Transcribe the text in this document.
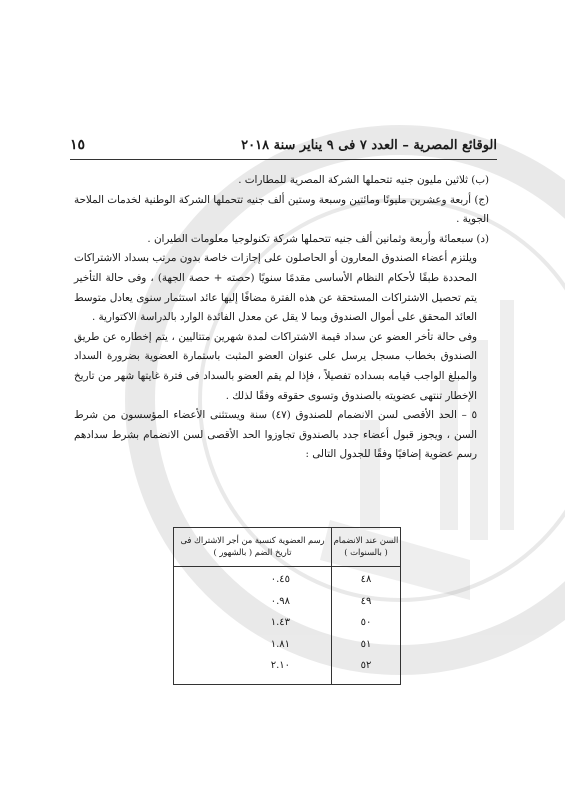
الوقائع المصرية – العدد ٧ فى ٩ يناير سنة ٢٠١٨
١٥

(ب) ثلاثين مليون جنيه تتحملها الشركة المصرية للمطارات .

(ج) أربعة وعشرين مليونًا ومائتين وسبعة وستين ألف جنيه تتحملها الشركة الوطنية لخدمات الملاحة الجوية .

(د) سبعمائة وأربعة وثمانين ألف جنيه تتحملها شركة تكنولوجيا معلومات الطيران .

ويلتزم أعضاء الصندوق المعارون أو الحاصلون على إجازات خاصة بدون مرتب بسداد الاشتراكات المحددة طبقًا لأحكام النظام الأساسى مقدمًا سنويًا (حصته + حصة الجهة) ، وفى حالة التأخير يتم تحصيل الاشتراكات المستحقة عن هذه الفترة مضافًا إليها عائد استثمار سنوى يعادل متوسط العائد المحقق على أموال الصندوق وبما لا يقل عن معدل الفائدة الوارد بالدراسة الاكتوارية .

وفى حالة تأخر العضو عن سداد قيمة الاشتراكات لمدة شهرين متتاليين ، يتم إخطاره عن طريق الصندوق بخطاب مسجل يرسل على عنوان العضو المثبت باستمارة العضوية بضرورة السداد والمبلغ الواجب قيامه بسداده تفصيلاً ، فإذا لم يقم العضو بالسداد فى فترة غايتها شهر من تاريخ الإخطار تنتهى عضويته بالصندوق وتسوى حقوقه وفقًا لذلك .

٥ – الحد الأقصى لسن الانضمام للصندوق (٤٧) سنة ويستثنى الأعضاء المؤسسون من شرط السن ، ويجوز قبول أعضاء جدد بالصندوق تجاوزوا الحد الأقصى لسن الانضمام بشرط سدادهم رسم عضوية إضافيًا وفقًا للجدول التالى :

السن عند الانضمام ( بالسنوات )
رسم العضوية كنسبة من أجر الاشتراك فى تاريخ الضم ( بالشهور )
٤٨
٠.٤٥
٤٩
٠.٩٨
٥٠
١.٤٣
٥١
١.٨١
٥٢
٢.١٠
